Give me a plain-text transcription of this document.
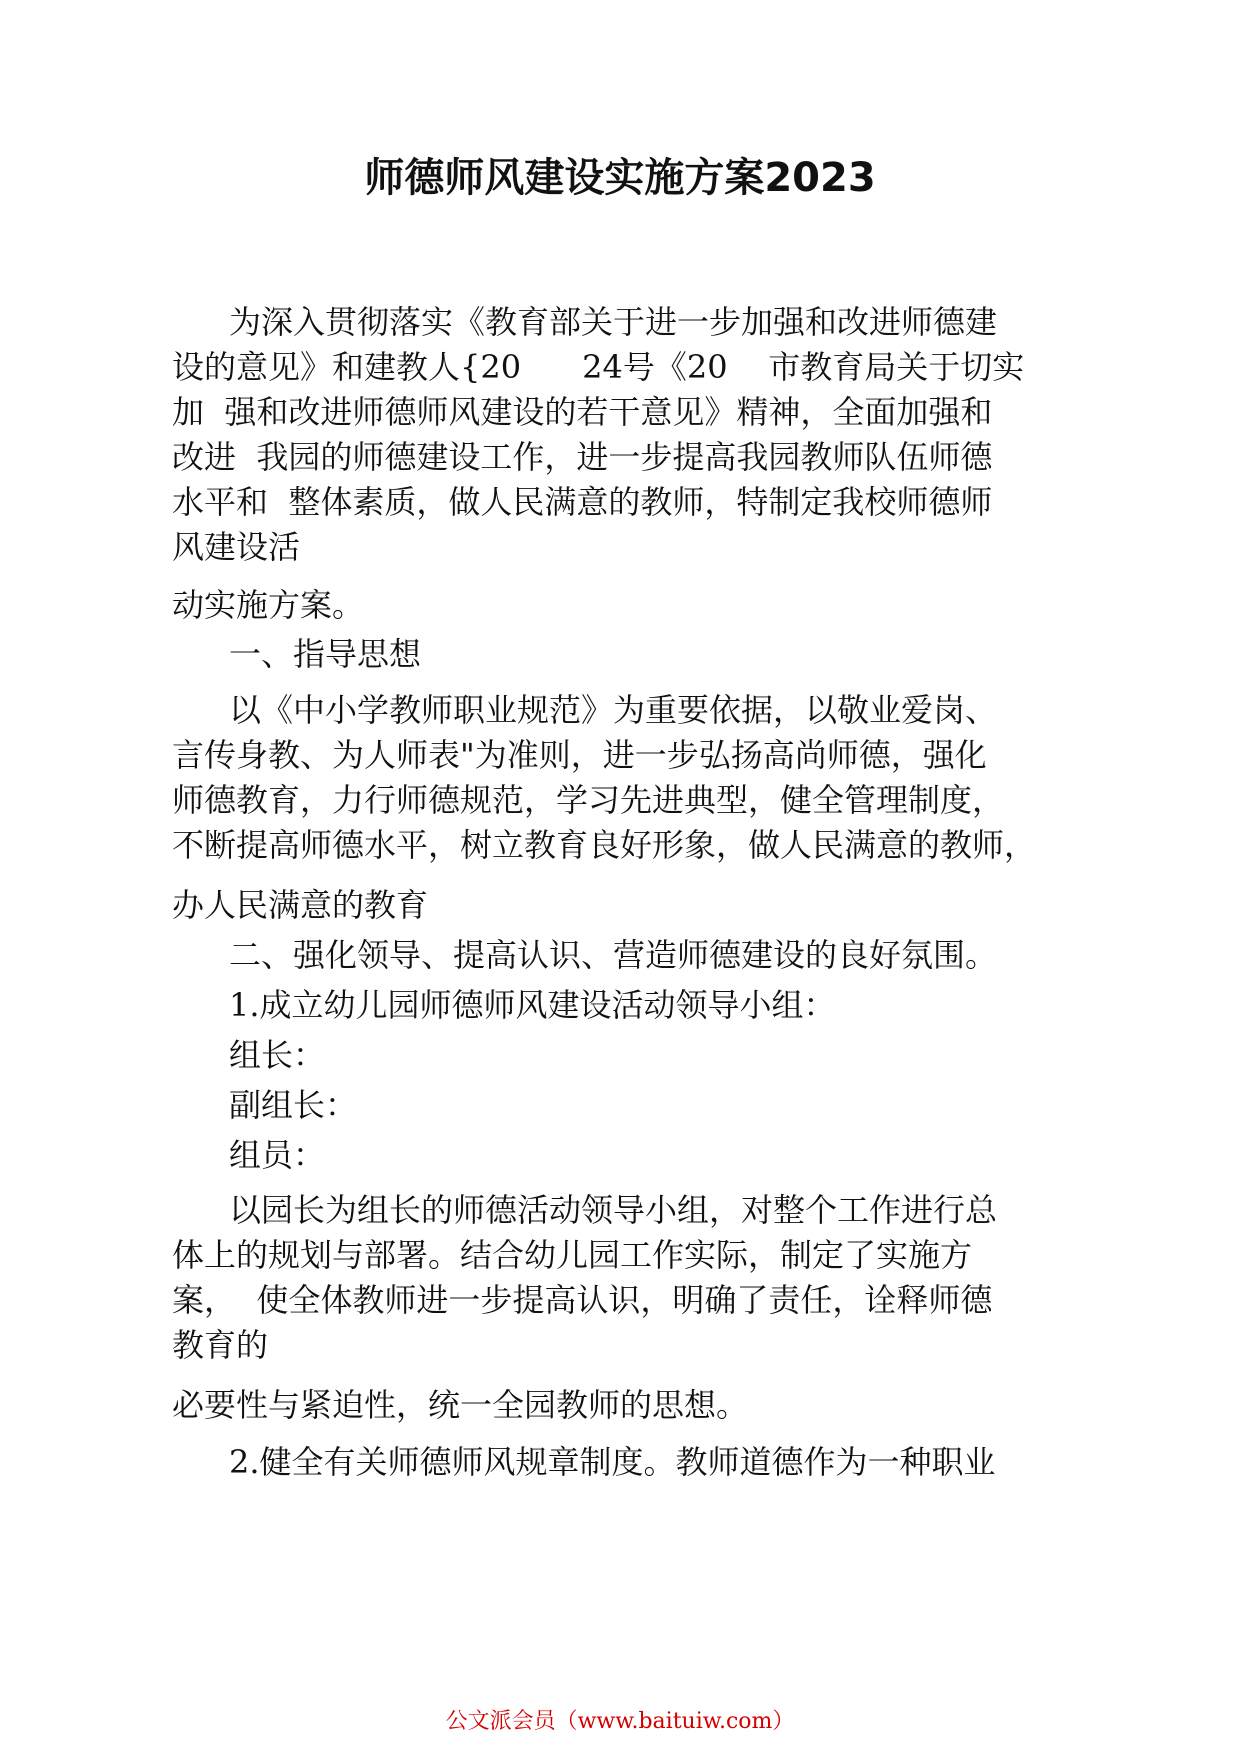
师德师风建设实施方案2023
为深入贯彻落实《教育部关于进一步加强和改进师德建
设的意见》和建教人{20      24号《20    市教育局关于切实
加  强和改进师德师风建设的若干意见》精神，全面加强和
改进  我园的师德建设工作，进一步提高我园教师队伍师德
水平和  整体素质，做人民满意的教师，特制定我校师德师
风建设活
动实施方案。
一、指导思想
以《中小学教师职业规范》为重要依据，以敬业爱岗、
言传身教、为人师表"为准则，进一步弘扬高尚师德，强化
师德教育，力行师德规范，学习先进典型，健全管理制度，
不断提高师德水平，树立教育良好形象，做人民满意的教师，
办人民满意的教育
二、强化领导、提高认识、营造师德建设的良好氛围。
1.成立幼儿园师德师风建设活动领导小组：
组长：
副组长：
组员：
以园长为组长的师德活动领导小组，对整个工作进行总
体上的规划与部署。结合幼儿园工作实际，制定了实施方
案，  使全体教师进一步提高认识，明确了责任，诠释师德
教育的
必要性与紧迫性，统一全园教师的思想。
2.健全有关师德师风规章制度。教师道德作为一种职业
公文派会员（www.baituiw.com）
